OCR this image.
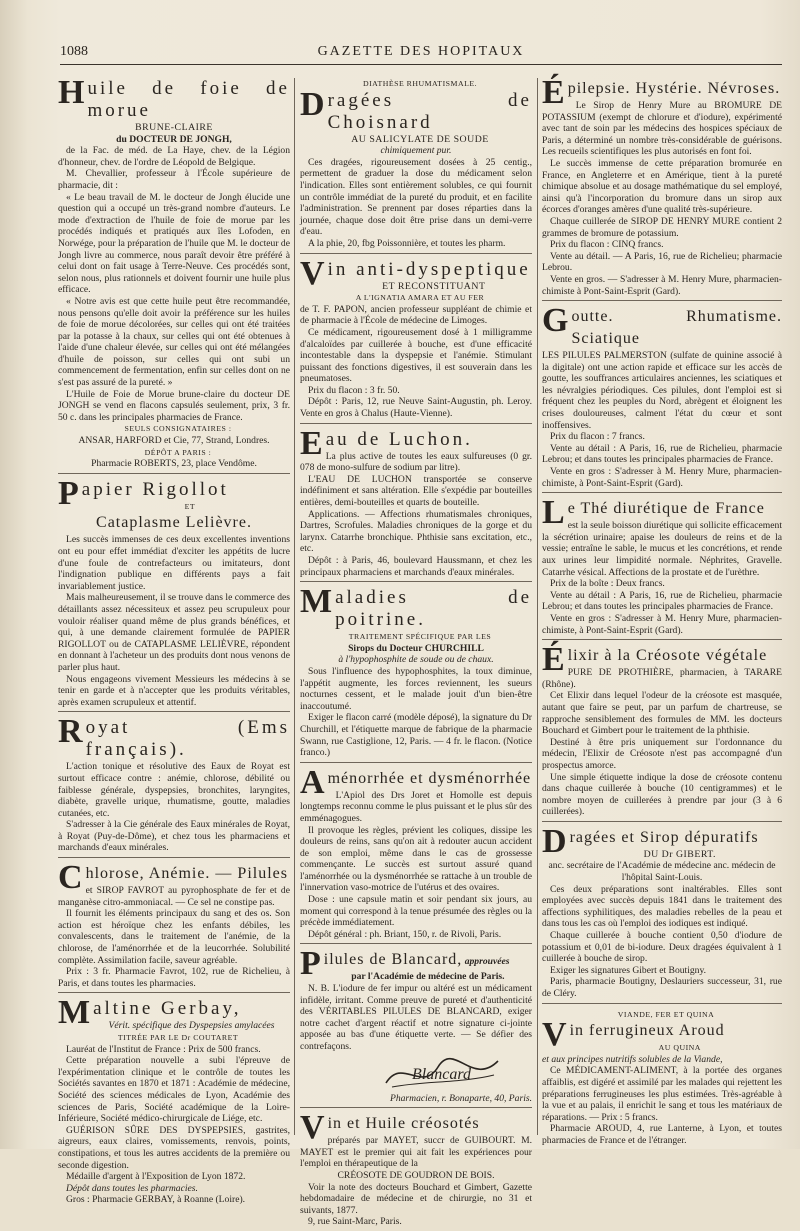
1088	GAZETTE DES HOPITAUX
Huile de foie de morue

BRUNE-CLAIRE

du DOCTEUR DE JONGH,

de la Fac. de méd. de La Haye, chev. de la Légion d'honneur, chev. de l'ordre de Léopold de Belgique.

M. Chevallier, professeur à l'École supérieure de pharmacie, dit :

« Le beau travail de M. le docteur de Jongh élucide une question qui a occupé un très-grand nombre d'auteurs. Le mode d'extraction de l'huile de foie de morue par les procédés indiqués et pratiqués aux îles Lofoden, en Norwége, pour la préparation de l'huile que M. le docteur de Jongh livre au commerce, nous paraît devoir être préféré à celui dont on fait usage à Terre-Neuve. Ces procédés sont, selon nous, plus rationnels et doivent fournir une huile plus efficace.

« Notre avis est que cette huile peut être recommandée, nous pensons qu'elle doit avoir la préférence sur les huiles de foie de morue décolorées, sur celles qui ont été traitées par la potasse à la chaux, sur celles qui ont été obtenues à l'aide d'une chaleur élevée, sur celles qui ont été mélangées d'huile de poisson, sur celles qui ont subi un commencement de fermentation, enfin sur celles dont on ne s'est pas assuré de la pureté. »

L'Huile de Foie de Morue brune-claire du docteur DE JONGH se vend en flacons capsulés seulement, prix, 3 fr. 50 c. dans les principales pharmacies de France.

SEULS CONSIGNATAIRES :

ANSAR, HARFORD et Cie, 77, Strand, Londres.

DÉPÔT A PARIS :

Pharmacie ROBERTS, 23, place Vendôme.

Papier Rigollot

ET

Cataplasme Lelièvre.

Les succès immenses de ces deux excellentes inventions ont eu pour effet immédiat d'exciter les appétits de lucre d'une foule de contrefacteurs ou imitateurs, dont l'indignation publique en différents pays a fait invariablement justice.

Mais malheureusement, il se trouve dans le commerce des détaillants assez nécessiteux et assez peu scrupuleux pour vouloir réaliser quand même de plus grands bénéfices, et qui, à une demande clairement formulée de PAPIER RIGOLLOT ou de CATAPLASME LELIÈVRE, répondent en donnant à l'acheteur un des produits dont nous venons de parler plus haut.

Nous engageons vivement Messieurs les médecins à se tenir en garde et à n'accepter que les produits véritables, après examen scrupuleux et attentif.

Royat (Ems français).

L'action tonique et résolutive des Eaux de Royat est surtout efficace contre : anémie, chlorose, débilité ou faiblesse générale, dyspepsies, bronchites, laryngites, diabète, gravelle urique, rhumatisme, goutte, maladies cutanées, etc.

S'adresser à la Cie générale des Eaux minérales de Royat, à Royat (Puy-de-Dôme), et chez tous les pharmaciens et marchands d'eaux minérales.

Chlorose, Anémie. — Pilules

et SIROP FAVROT au pyrophosphate de fer et de manganèse citro-ammoniacal. — Ce sel ne constipe pas.

Il fournit les éléments principaux du sang et des os. Son action est héroïque chez les enfants débiles, les convalescents, dans le traitement de l'anémie, de la chlorose, de l'aménorrhée et de la leucorrhée. Solubilité complète. Assimilation facile, saveur agréable.

Prix : 3 fr. Pharmacie Favrot, 102, rue de Richelieu, à Paris, et dans toutes les pharmacies.

Maltine Gerbay,

Vérit. spécifique des Dyspepsies amylacées

TITRÉE PAR LE Dr COUTARET

Lauréat de l'Institut de France : Prix de 500 francs.

Cette préparation nouvelle a subi l'épreuve de l'expérimentation clinique et le contrôle de toutes les Sociétés savantes en 1870 et 1871 : Académie de médecine, Société des sciences médicales de Lyon, Académie des sciences de Paris, Société académique de la Loire-Inférieure, Société médico-chirurgicale de Liége, etc.

GUÉRISON SÛRE DES DYSPEPSIES, gastrites, aigreurs, eaux claires, vomissements, renvois, points, constipations, et tous les autres accidents de la première ou seconde digestion.

Médaille d'argent à l'Exposition de Lyon 1872.

Dépôt dans toutes les pharmacies.

Gros : Pharmacie GERBAY, à Roanne (Loire).

DIATHÈSE RHUMATISMALE.

Dragées de Choisnard

AU SALICYLATE DE SOUDE

chimiquement pur.

Ces dragées, rigoureusement dosées à 25 centig., permettent de graduer la dose du médicament selon l'indication. Elles sont entièrement solubles, ce qui fournit un contrôle immédiat de la pureté du produit, et en facilite l'administration. Se prennent par doses réparties dans la journée, chaque dose doit être prise dans un demi-verre d'eau.

A la phie, 20, fbg Poissonnière, et toutes les pharm.

Vin anti-dyspeptique

ET RECONSTITUANT

A L'IGNATIA AMARA ET AU FER

de T. F. PAPON, ancien professeur suppléant de chimie et de pharmacie à l'École de médecine de Limoges.

Ce médicament, rigoureusement dosé à 1 milligramme d'alcaloïdes par cuillerée à bouche, est d'une efficacité incontestable dans la dyspepsie et l'anémie. Stimulant puissant des fonctions digestives, il est souverain dans les pneumatoses.

Prix du flacon : 3 fr. 50.

Dépôt : Paris, 12, rue Neuve Saint-Augustin, ph. Leroy. Vente en gros à Chalus (Haute-Vienne).

Eau de Luchon.

La plus active de toutes les eaux sulfureuses (0 gr. 078 de mono-sulfure de sodium par litre).

L'EAU DE LUCHON transportée se conserve indéfiniment et sans altération. Elle s'expédie par bouteilles entières, demi-bouteilles et quarts de bouteille.

Applications. — Affections rhumatismales chroniques, Dartres, Scrofules. Maladies chroniques de la gorge et du larynx. Catarrhe bronchique. Phthisie sans excitation, etc., etc.

Dépôt : à Paris, 46, boulevard Haussmann, et chez les principaux pharmaciens et marchands d'eaux minérales.

Maladies de poitrine.

TRAITEMENT SPÉCIFIQUE PAR LES

Sirops du Docteur CHURCHILL

à l'hypophosphite de soude ou de chaux.

Sous l'influence des hypophosphites, la toux diminue, l'appétit augmente, les forces reviennent, les sueurs nocturnes cessent, et le malade jouit d'un bien-être inaccoutumé.

Exiger le flacon carré (modèle déposé), la signature du Dr Churchill, et l'étiquette marque de fabrique de la pharmacie Swann, rue Castiglione, 12, Paris. — 4 fr. le flacon. (Notice franco.)

Aménorrhée et dysménorrhée

L'Apiol des Drs Joret et Homolle est depuis longtemps reconnu comme le plus puissant et le plus sûr des emménagogues.

Il provoque les règles, prévient les coliques, dissipe les douleurs de reins, sans qu'on ait à redouter aucun accident de son emploi, même dans le cas de grossesse commençante. Le succès est surtout assuré quand l'aménorrhée ou la dysménorrhée se rattache à un trouble de l'innervation vaso-motrice de l'utérus et des ovaires.

Dose : une capsule matin et soir pendant six jours, au moment qui correspond à la tenue présumée des règles ou la précède immédiatement.

Dépôt général : ph. Briant, 150, r. de Rivoli, Paris.

Pilules de Blancard, approuvées

par l'Académie de médecine de Paris.

N. B. L'iodure de fer impur ou altéré est un médicament infidèle, irritant. Comme preuve de pureté et d'authenticité des VÉRITABLES PILULES DE BLANCARD, exiger notre cachet d'argent réactif et notre signature ci-jointe apposée au bas d'une étiquette verte. — Se défier des contrefaçons.

Blancard

Pharmacien, r. Bonaparte, 40, Paris.

Vin et Huile créosotés

préparés par MAYET, succr de GUIBOURT. M. MAYET est le premier qui ait fait les expériences pour l'emploi en thérapeutique de la

CRÉOSOTE DE GOUDRON DE BOIS.

Voir la note des docteurs Bouchard et Gimbert, Gazette hebdomadaire de médecine et de chirurgie, no 31 et suivants, 1877.

9, rue Saint-Marc, Paris.

Épilepsie. Hystérie. Névroses.

Le Sirop de Henry Mure au BROMURE DE POTASSIUM (exempt de chlorure et d'iodure), expérimenté avec tant de soin par les médecins des hospices spéciaux de Paris, a déterminé un nombre très-considérable de guérisons. Les recueils scientifiques les plus autorisés en font foi.

Le succès immense de cette préparation bromurée en France, en Angleterre et en Amérique, tient à la pureté chimique absolue et au dosage mathématique du sel employé, ainsi qu'à l'incorporation du bromure dans un sirop aux écorces d'oranges amères d'une qualité très-supérieure.

Chaque cuillerée de SIROP DE HENRY MURE contient 2 grammes de bromure de potassium.

Prix du flacon : CINQ francs.

Vente au détail. — A Paris, 16, rue de Richelieu; pharmacie Lebrou.

Vente en gros. — S'adresser à M. Henry Mure, pharmacien-chimiste à Pont-Saint-Esprit (Gard).

Goutte. Rhumatisme. Sciatique

LES PILULES PALMERSTON (sulfate de quinine associé à la digitale) ont une action rapide et efficace sur les accès de goutte, les souffrances articulaires anciennes, les sciatiques et les névralgies périodiques. Ces pilules, dont l'emploi est si fréquent chez les peuples du Nord, abrègent et éloignent les crises douloureuses, calment l'état du cœur et sont inoffensives.

Prix du flacon : 7 francs.

Vente au détail : A Paris, 16, rue de Richelieu, pharmacie Lebrou; et dans toutes les principales pharmacies de France.

Vente en gros : S'adresser à M. Henry Mure, pharmacien-chimiste, à Pont-Saint-Esprit (Gard).

Le Thé diurétique de France

est la seule boisson diurétique qui sollicite efficacement la sécrétion urinaire; apaise les douleurs de reins et de la vessie; entraîne le sable, le mucus et les concrétions, et rende aux urines leur limpidité normale. Néphrites, Gravelle. Catarrhe vésical. Affections de la prostate et de l'urèthre.

Prix de la boîte : Deux francs.

Vente au détail : A Paris, 16, rue de Richelieu, pharmacie Lebrou; et dans toutes les principales pharmacies de France.

Vente en gros : S'adresser à M. Henry Mure, pharmacien-chimiste, à Pont-Saint-Esprit (Gard).

Élixir à la Créosote végétale

PURE DE PROTHIÈRE, pharmacien, à TARARE (Rhône).

Cet Elixir dans lequel l'odeur de la créosote est masquée, autant que faire se peut, par un parfum de chartreuse, se rapproche sensiblement des formules de MM. les docteurs Bouchard et Gimbert pour le traitement de la phthisie.

Destiné à être pris uniquement sur l'ordonnance du médecin, l'Elixir de Créosote n'est pas accompagné d'un prospectus amorce.

Une simple étiquette indique la dose de créosote contenu dans chaque cuillerée à bouche (10 centigrammes) et le nombre moyen de cuillerées à prendre par jour (3 à 6 cuillerées).

Dragées et Sirop dépuratifs

DU Dr GIBERT.

anc. secrétaire de l'Académie de médecine anc. médecin de l'hôpital Saint-Louis.

Ces deux préparations sont inaltérables. Elles sont employées avec succès depuis 1841 dans le traitement des affections syphilitiques, des maladies rebelles de la peau et dans tous les cas où l'emploi des iodiques est indiqué.

Chaque cuillerée à bouche contient 0,50 d'iodure de potassium et 0,01 de bi-iodure. Deux dragées équivalent à 1 cuillerée à bouche de sirop.

Exiger les signatures Gibert et Boutigny.

Paris, pharmacie Boutigny, Deslauriers successeur, 31, rue de Cléry.

VIANDE, FER ET QUINA

Vin ferrugineux Aroud

AU QUINA

et aux principes nutritifs solubles de la Viande,

Ce MÉDICAMENT-ALIMENT, à la portée des organes affaiblis, est digéré et assimilé par les malades qui rejettent les préparations ferrugineuses les plus estimées. Très-agréable à la vue et au palais, il enrichit le sang et tous les matériaux de réparations. — Prix : 5 francs.

Pharmacie AROUD, 4, rue Lanterne, à Lyon, et toutes pharmacies de France et de l'étranger.
